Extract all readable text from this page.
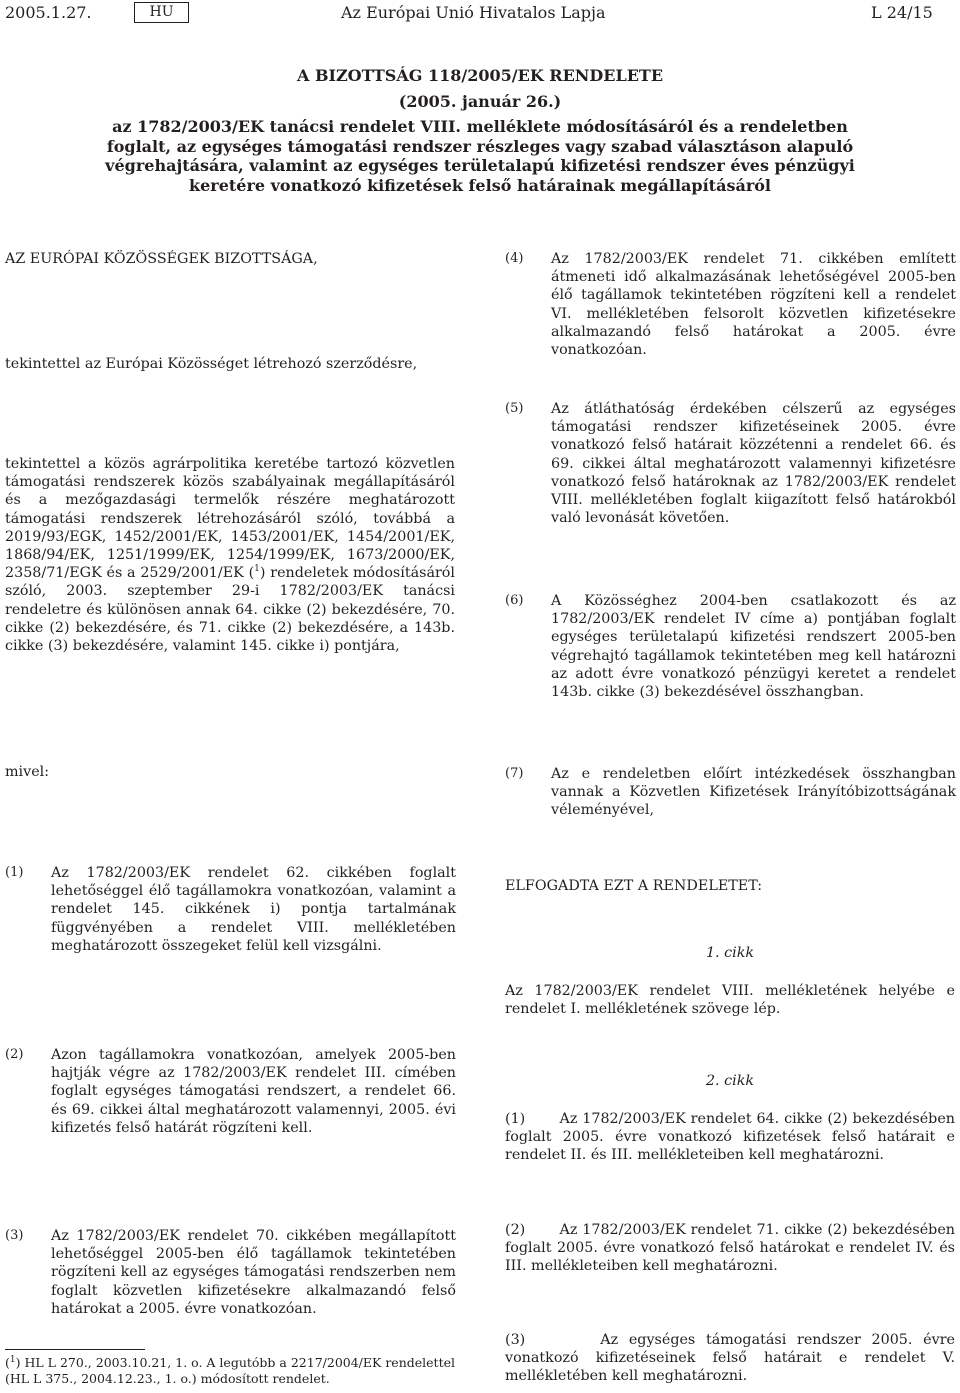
2005.1.27.	HU	Az Európai Unió Hivatalos Lapja	L 24/15
A BIZOTTSÁG 118/2005/EK RENDELETE
(2005. január 26.)
az 1782/2003/EK tanácsi rendelet VIII. melléklete módosításáról és a rendeletben foglalt, az egységes támogatási rendszer részleges vagy szabad választáson alapuló végrehajtására, valamint az egységes területalapú kifizetési rendszer éves pénzügyi keretére vonatkozó kifizetések felső határainak megállapításáról
AZ EURÓPAI KÖZÖSSÉGEK BIZOTTSÁGA,
tekintettel az Európai Közösséget létrehozó szerződésre,
tekintettel a közös agrárpolitika keretébe tartozó közvetlen támogatási rendszerek közös szabályainak megállapításáról és a mezőgazdasági termelők részére meghatározott támogatási rendszerek létrehozásáról szóló, továbbá a 2019/93/EGK, 1452/2001/EK, 1453/2001/EK, 1454/2001/EK, 1868/94/EK, 1251/1999/EK, 1254/1999/EK, 1673/2000/EK, 2358/71/EGK és a 2529/2001/EK ($^1$) rendeletek módosításáról szóló, 2003. szeptember 29-i 1782/2003/EK tanácsi rendeletre és különösen annak 64. cikke (2) bekezdésére, 70. cikke (2) bekezdésére, és 71. cikke (2) bekezdésére, a 143b. cikke (3) bekezdésére, valamint 145. cikke i) pontjára,
mivel:
(1) Az 1782/2003/EK rendelet 62. cikkében foglalt lehetőséggel élő tagállamokra vonatkozóan, valamint a rendelet 145. cikkének i) pontja tartalmának függvényében a rendelet VIII. mellékletében meghatározott összegeket felül kell vizsgálni.
(2) Azon tagállamokra vonatkozóan, amelyek 2005-ben hajtják végre az 1782/2003/EK rendelet III. címében foglalt egységes támogatási rendszert, a rendelet 66. és 69. cikkei által meghatározott valamennyi, 2005. évi kifizetés felső határát rögzíteni kell.
(3) Az 1782/2003/EK rendelet 70. cikkében megállapított lehetőséggel 2005-ben élő tagállamok tekintetében rögzíteni kell az egységes támogatási rendszerben nem foglalt közvetlen kifizetésekre alkalmazandó felső határokat a 2005. évre vonatkozóan.
(4) Az 1782/2003/EK rendelet 71. cikkében említett átmeneti idő alkalmazásának lehetőségével 2005-ben élő tagállamok tekintetében rögzíteni kell a rendelet VI. mellékletében felsorolt közvetlen kifizetésekre alkalmazandó felső határokat a 2005. évre vonatkozóan.
(5) Az átláthatóság érdekében célszerű az egységes támogatási rendszer kifizetéseinek 2005. évre vonatkozó felső határait közzétenni a rendelet 66. és 69. cikkei által meghatározott valamennyi kifizetésre vonatkozó felső határoknak az 1782/2003/EK rendelet VIII. mellékletében foglalt kiigazított felső határokból való levonását követően.
(6) A Közösséghez 2004-ben csatlakozott és az 1782/2003/EK rendelet IV címe a) pontjában foglalt egységes területalapú kifizetési rendszert 2005-ben végrehajtó tagállamok tekintetében meg kell határozni az adott évre vonatkozó pénzügyi keretet a rendelet 143b. cikke (3) bekezdésével összhangban.
(7) Az e rendeletben előírt intézkedések összhangban vannak a Közvetlen Kifizetések Irányítóbizottságának véleményével,
ELFOGADTA EZT A RENDELETET:
1. cikk
Az 1782/2003/EK rendelet VIII. mellékletének helyébe e rendelet I. mellékletének szövege lép.
2. cikk
(1)       Az 1782/2003/EK rendelet 64. cikke (2) bekezdésében foglalt 2005. évre vonatkozó kifizetések felső határait e rendelet II. és III. mellékleteiben kell meghatározni.
(2)       Az 1782/2003/EK rendelet 71. cikke (2) bekezdésében foglalt 2005. évre vonatkozó felső határokat e rendelet IV. és III. mellékleteiben kell meghatározni.
(3)       Az egységes támogatási rendszer 2005. évre vonatkozó kifizetéseinek felső határait e rendelet V. mellékletében kell meghatározni.
($^1$) HL L 270., 2003.10.21, 1. o. A legutóbb a 2217/2004/EK rendelettel (HL L 375., 2004.12.23., 1. o.) módosított rendelet.
